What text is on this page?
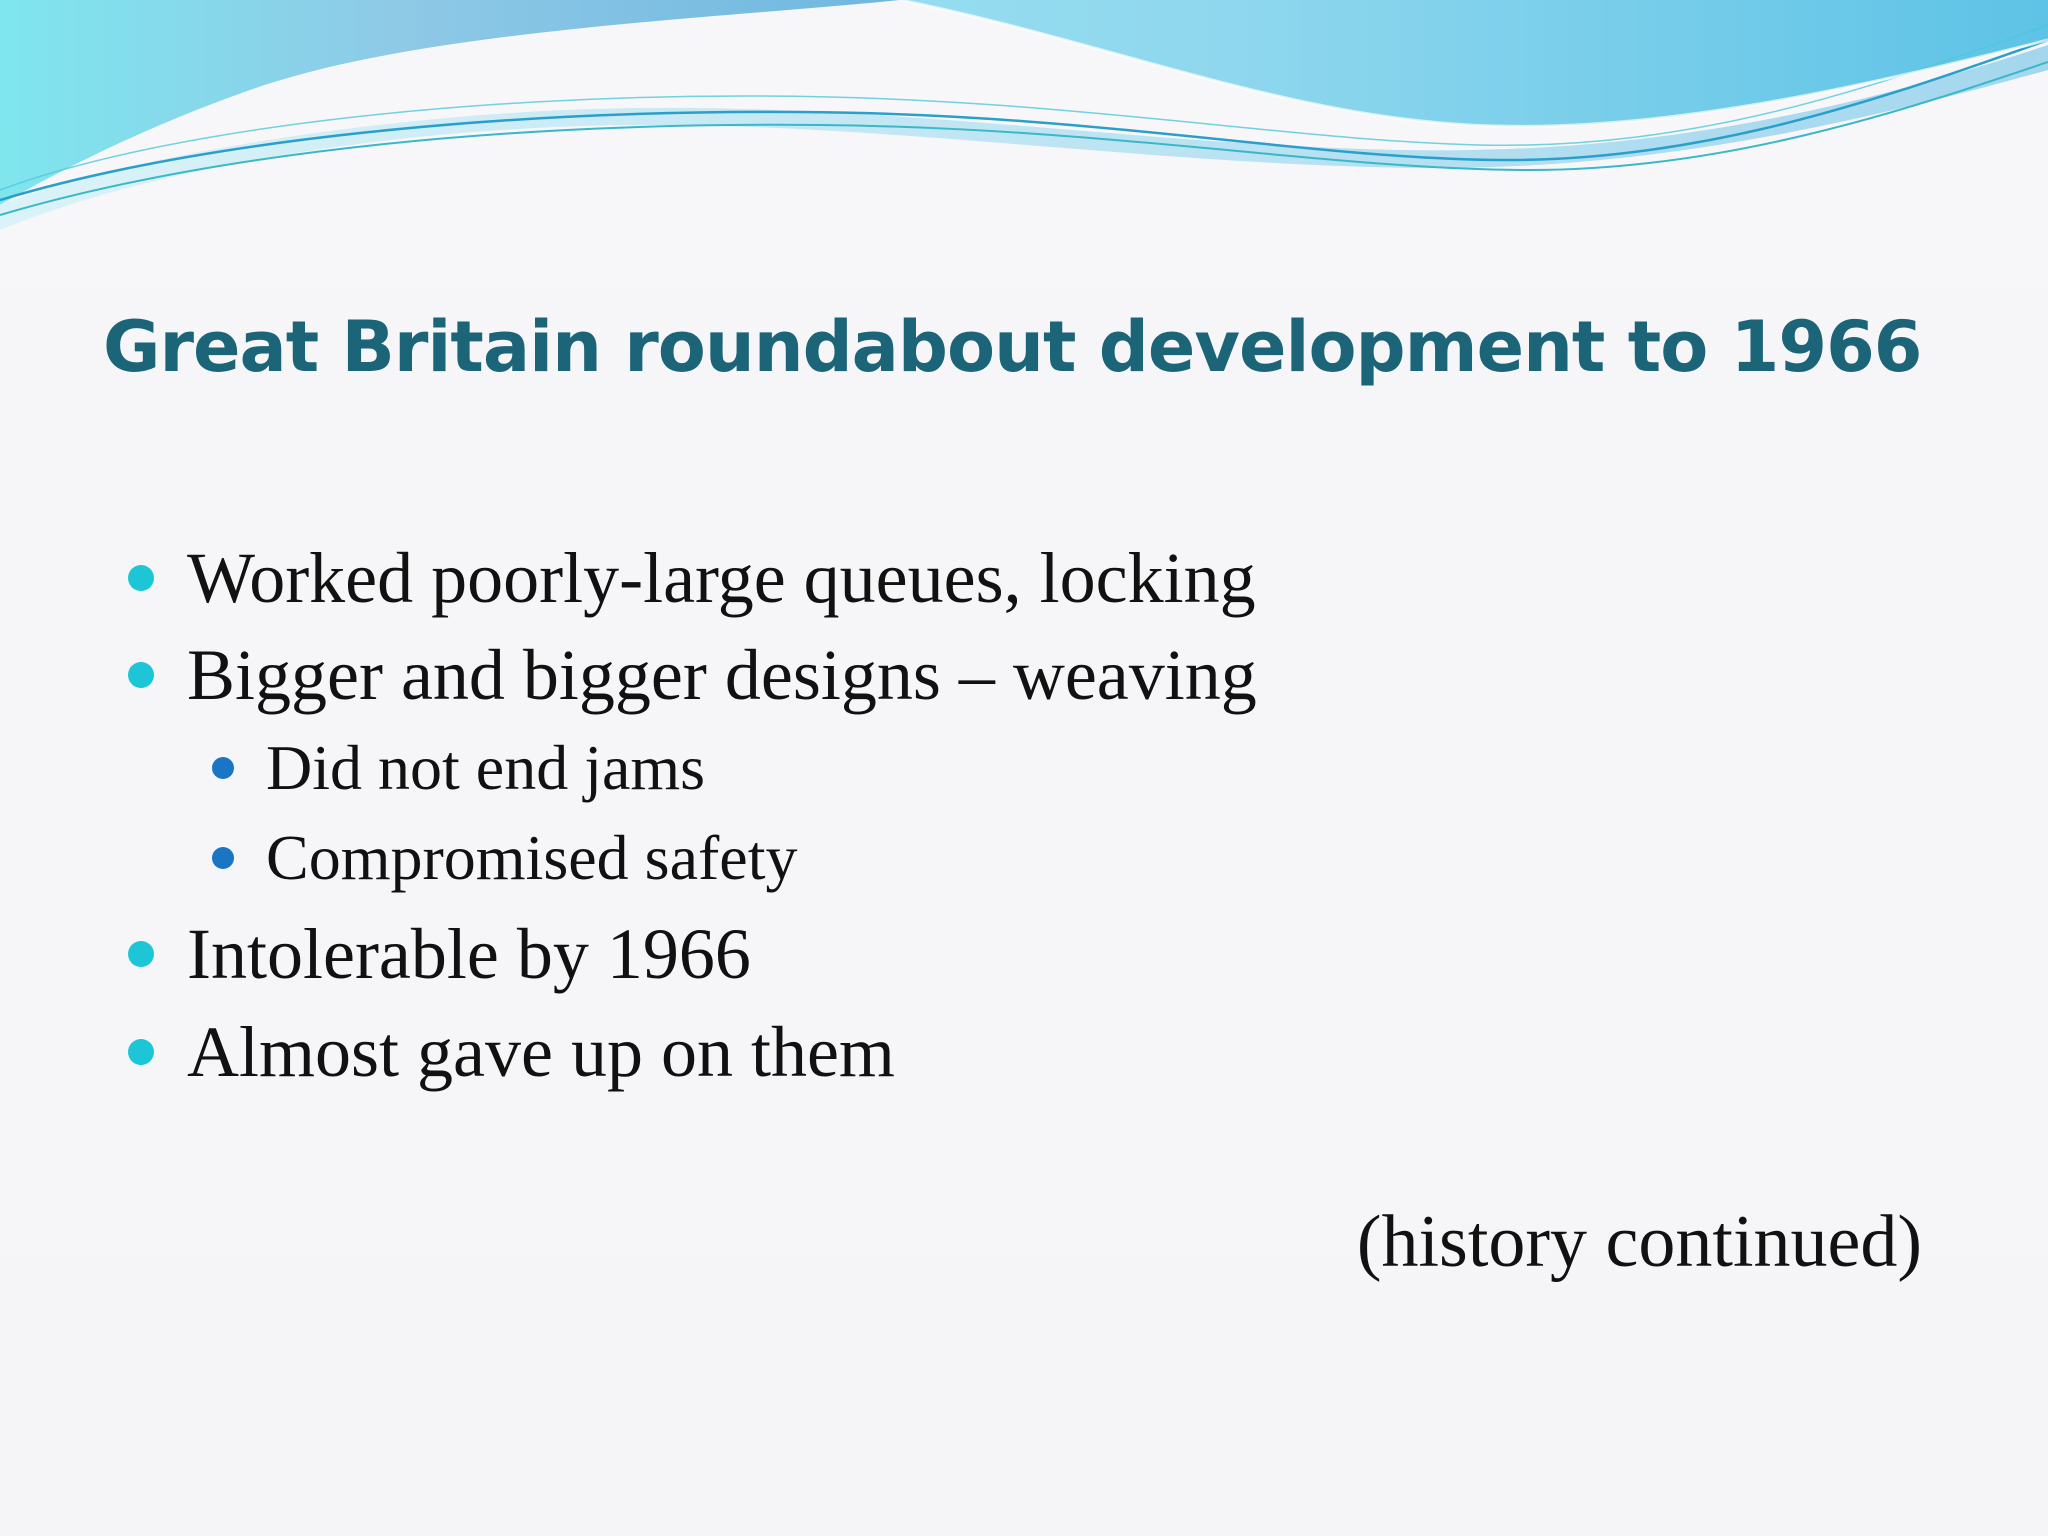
Great Britain roundabout development to 1966
Worked poorly-large queues, locking
Bigger and bigger designs – weaving
Did not end jams
Compromised safety
Intolerable by 1966
Almost gave up on them
(history continued)
